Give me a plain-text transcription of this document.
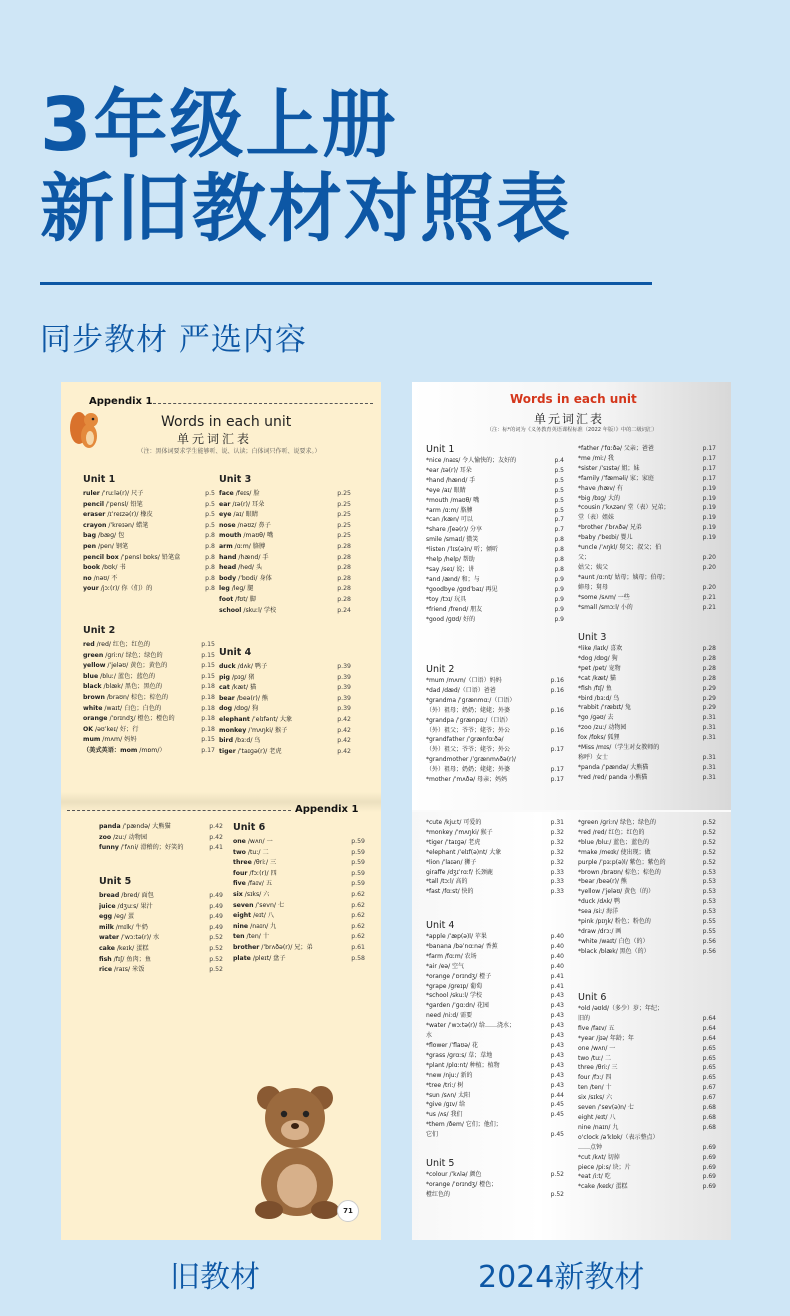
3年级上册
新旧教材对照表
同步教材 严选内容
Appendix 1
Words in each unit
单元词汇表
（注：黑体词要求学生能够听、说、认读；白体词只作听、说要求。）
Unit 1
ruler /ˈruːlə(r)/ 尺子	p.5
pencil /ˈpensl/ 铅笔	p.5
eraser /ɪˈreɪzə(r)/ 橡皮	p.5
crayon /ˈkreɪən/ 蜡笔	p.5
bag /bæɡ/ 包	p.8
pen /pen/ 钢笔	p.8
pencil box /ˈpensl bɒks/ 铅笔盒	p.8
book /bʊk/ 书	p.8
no /nəʊ/ 不	p.8
your /jɔː(r)/ 你（们）的	p.8
Unit 3
face /feɪs/ 脸	p.25
ear /ɪə(r)/ 耳朵	p.25
eye /aɪ/ 眼睛	p.25
nose /nəʊz/ 鼻子	p.25
mouth /maʊθ/ 嘴	p.25
arm /ɑːm/ 胳膊	p.28
hand /hænd/ 手	p.28
head /hed/ 头	p.28
body /ˈbɒdi/ 身体	p.28
leg /leɡ/ 腿	p.28
foot /fʊt/ 脚	p.28
school /skuːl/ 学校	p.24
Unit 2
red /red/ 红色；红色的	p.15
green /ɡriːn/ 绿色；绿色的	p.15
yellow /ˈjeləʊ/ 黄色；黄色的	p.15
blue /bluː/ 蓝色；蓝色的	p.15
black /blæk/ 黑色；黑色的	p.18
brown /braʊn/ 棕色；棕色的	p.18
white /waɪt/ 白色；白色的	p.18
orange /ˈɒrɪndʒ/ 橙色；橙色的	p.18
OK /əʊˈkeɪ/ 好；行	p.18
mum /mʌm/ 妈妈	p.15
（美式英语：mom /mɒm/）	p.17
Unit 4
duck /dʌk/ 鸭子	p.39
pig /pɪɡ/ 猪	p.39
cat /kæt/ 猫	p.39
bear /beə(r)/ 熊	p.39
dog /dɒɡ/ 狗	p.39
elephant /ˈelɪfənt/ 大象	p.42
monkey /ˈmʌŋki/ 猴子	p.42
bird /bɜːd/ 鸟	p.42
tiger /ˈtaɪɡə(r)/ 老虎	p.42
Appendix 1
panda /ˈpændə/ 大熊猫	p.42
zoo /zuː/ 动物园	p.42
funny /ˈfʌni/ 滑稽的；好笑的	p.41
Unit 6
one /wʌn/ 一	p.59
two /tuː/ 二	p.59
three /θriː/ 三	p.59
four /fɔː(r)/ 四	p.59
five /faɪv/ 五	p.59
six /sɪks/ 六	p.62
seven /ˈsevn/ 七	p.62
eight /eɪt/ 八	p.62
nine /naɪn/ 九	p.62
ten /ten/ 十	p.62
brother /ˈbrʌðə(r)/ 兄；弟	p.61
plate /pleɪt/ 盘子	p.58
Unit 5
bread /bred/ 面包	p.49
juice /dʒuːs/ 果汁	p.49
egg /eɡ/ 蛋	p.49
milk /mɪlk/ 牛奶	p.49
water /ˈwɔːtə(r)/ 水	p.52
cake /keɪk/ 蛋糕	p.52
fish /fɪʃ/ 鱼肉；鱼	p.52
rice /raɪs/ 米饭	p.52
71
Words in each unit
单元词汇表
（注：标*的词为《义务教育英语课程标准（2022 年版）》中的二级词汇）
Unit 1
*nice /naɪs/ 令人愉快的；友好的	p.4
*ear /ɪə(r)/ 耳朵	p.5
*hand /hænd/ 手	p.5
*eye /aɪ/ 眼睛	p.5
*mouth /maʊθ/ 嘴	p.5
*arm /ɑːm/ 胳膊	p.5
*can /kæn/ 可以	p.7
*share /ʃeə(r)/ 分享	p.7
smile /smaɪl/ 微笑	p.8
*listen /ˈlɪs(ə)n/ 听；倾听	p.8
*help /help/ 帮助	p.8
*say /seɪ/ 说；讲	p.8
*and /ænd/ 和；与	p.9
*goodbye /ɡʊdˈbaɪ/ 再见	p.9
*toy /tɔɪ/ 玩具	p.9
*friend /frend/ 朋友	p.9
*good /ɡʊd/ 好的	p.9
*father /ˈfɑːðə/ 父亲；爸爸	p.17
*me /miː/ 我	p.17
*sister /ˈsɪstə/ 姐；妹	p.17
*family /ˈfæməli/ 家；家庭	p.17
*have /hæv/ 有	p.19
*big /bɪɡ/ 大的	p.19
*cousin /ˈkʌzən/ 堂（表）兄弟；	p.19
堂（表）姐妹	p.19
*brother /ˈbrʌðə/ 兄弟	p.19
*baby /ˈbeɪbi/ 婴儿	p.19
*uncle /ˈʌŋkl/ 舅父；叔父；伯
父；	p.20
姑父；姨父	p.20
*aunt /ɑːnt/ 姑母；姨母；伯母；
婶母；舅母	p.20
*some /sʌm/ 一些	p.21
*small /smɔːl/ 小的	p.21
Unit 2
*mum /mʌm/（口语）妈妈	p.16
*dad /dæd/（口语）爸爸	p.16
*grandma /ˈɡrænmɑː/（口语）
（外）祖母；奶奶；姥姥；外婆	p.16
*grandpa /ˈɡrænpɑː/（口语）
（外）祖父；爷爷；姥爷；外公	p.16
*grandfather /ˈɡrænfɑːðə/
（外）祖父；爷爷；姥爷；外公	p.17
*grandmother /ˈɡrænmʌðə(r)/
（外）祖母；奶奶；姥姥；外婆	p.17
*mother /ˈmʌðə/ 母亲；妈妈	p.17
Unit 3
*like /laɪk/ 喜欢	p.28
*dog /dɒɡ/ 狗	p.28
*pet /pet/ 宠物	p.28
*cat /kæt/ 猫	p.28
*fish /fɪʃ/ 鱼	p.29
*bird /bɜːd/ 鸟	p.29
*rabbit /ˈræbɪt/ 兔	p.29
*go /ɡəʊ/ 去	p.31
*zoo /zuː/ 动物园	p.31
fox /fɒks/ 狐狸	p.31
*Miss /mɪs/（学生对女教师的
称呼）女士	p.31
*panda /ˈpændə/ 大熊猫	p.31
*red /red/ panda 小熊猫	p.31
*cute /kjuːt/ 可爱的	p.31
*monkey /ˈmʌŋki/ 猴子	p.32
*tiger /ˈtaɪɡə/ 老虎	p.32
*elephant /ˈelɪf(ə)nt/ 大象	p.32
*lion /ˈlaɪən/ 狮子	p.32
giraffe /dʒɪˈrɑːf/ 长颈鹿	p.33
*tall /tɔːl/ 高的	p.33
*fast /fɑːst/ 快的	p.33
*green /ɡriːn/ 绿色；绿色的	p.52
*red /red/ 红色；红色的	p.52
*blue /bluː/ 蓝色；蓝色的	p.52
*make /meɪk/ 使出现；做	p.52
purple /ˈpɜːp(ə)l/ 紫色；紫色的	p.52
*brown /braʊn/ 棕色；棕色的	p.53
*bear /beə(r)/ 熊	p.53
*yellow /ˈjeləʊ/ 黄色（的）	p.53
*duck /dʌk/ 鸭	p.53
*sea /siː/ 海洋	p.53
*pink /pɪŋk/ 粉色；粉色的	p.55
*draw /drɔː/ 画	p.55
*white /waɪt/ 白色（的）	p.56
*black /blæk/ 黑色（的）	p.56
Unit 4
*apple /ˈæp(ə)l/ 苹果	p.40
*banana /bəˈnɑːnə/ 香蕉	p.40
*farm /fɑːm/ 农场	p.40
*air /eə/ 空气	p.40
*orange /ˈɒrɪndʒ/ 橙子	p.41
*grape /ɡreɪp/ 葡萄	p.41
*school /skuːl/ 学校	p.43
*garden /ˈɡɑːdn/ 花园	p.43
need /niːd/ 需要	p.43
*water /ˈwɔːtə(r)/ 给……浇水；	p.43
水	p.43
*flower /ˈflaʊə/ 花	p.43
*grass /ɡrɑːs/ 草；草地	p.43
*plant /plɑːnt/ 种植；植物	p.43
*new /njuː/ 新的	p.43
*tree /triː/ 树	p.43
*sun /sʌn/ 太阳	p.44
*give /ɡɪv/ 给	p.45
*us /ʌs/ 我们	p.45
*them /ðem/ 它们；他们；
它们	p.45
Unit 6
*old /əʊld/（多少）岁；年纪；
旧的	p.64
five /faɪv/ 五	p.64
*year /jɪə/ 年龄；年	p.64
one /wʌn/ 一	p.65
two /tuː/ 二	p.65
three /θriː/ 三	p.65
four /fɔː/ 四	p.65
ten /ten/ 十	p.67
six /sɪks/ 六	p.67
seven /ˈsev(ə)n/ 七	p.68
eight /eɪt/ 八	p.68
nine /naɪn/ 九	p.68
o'clock /əˈklɒk/（表示整点）
……点钟	p.69
*cut /kʌt/ 切掉	p.69
piece /piːs/ 块；片	p.69
*eat /iːt/ 吃	p.69
*cake /keɪk/ 蛋糕	p.69
Unit 5
*colour /ˈkʌlə/ 颜色	p.52
*orange /ˈɒrɪndʒ/ 橙色；
橙红色的	p.52
旧教材	2024新教材
